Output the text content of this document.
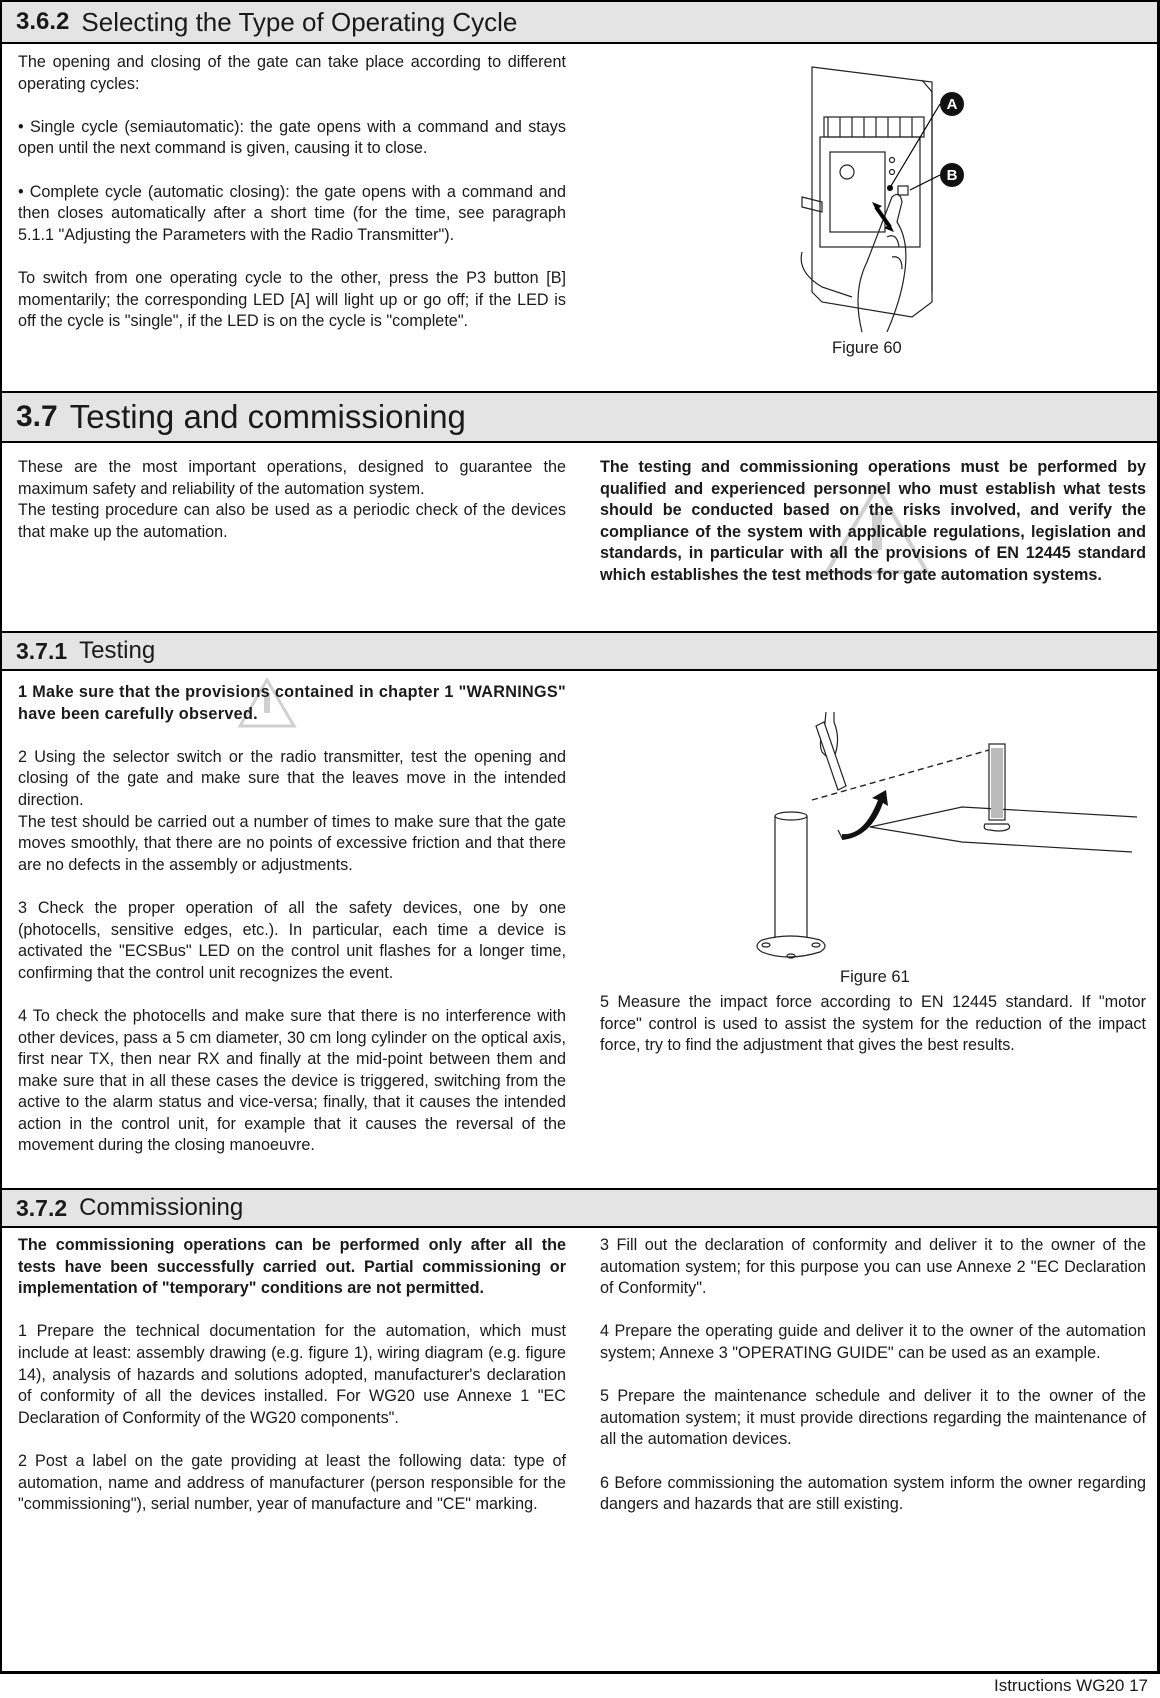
3.6.2 Selecting the Type of Operating Cycle

The opening and closing of the gate can take place according to different operating cycles:

• Single cycle (semiautomatic): the gate opens with a command and stays open until the next command is given, causing it to close.

• Complete cycle (automatic closing): the gate opens with a command and then closes automatically after a short time (for the time, see paragraph 5.1.1 "Adjusting the Parameters with the Radio Transmitter").

To switch from one operating cycle to the other, press the P3 button [B] momentarily; the corresponding LED [A] will light up or go off; if the LED is off the cycle is "single", if the LED is on the cycle is "complete".

A
B
Figure 60
3.7 Testing and commissioning

These are the most important operations, designed to guarantee the maximum safety and reliability of the automation system.

The testing procedure can also be used as a periodic check of the devices that make up the automation.

The testing and commissioning operations must be performed by qualified and experienced personnel who must establish what tests should be conducted based on the risks involved, and verify the compliance of the system with applicable regulations, legislation and standards, in particular with all the provisions of EN 12445 standard which establishes the test methods for gate automation systems.

3.7.1 Testing

1 Make sure that the provisions contained in chapter 1 "WARNINGS" have been carefully observed.

2 Using the selector switch or the radio transmitter, test the opening and closing of the gate and make sure that the leaves move in the intended direction.

The test should be carried out a number of times to make sure that the gate moves smoothly, that there are no points of excessive friction and that there are no defects in the assembly or adjustments.

3 Check the proper operation of all the safety devices, one by one (photocells, sensitive edges, etc.). In particular, each time a device is activated the "ECSBus" LED on the control unit flashes for a longer time, confirming that the control unit recognizes the event.

4 To check the photocells and make sure that there is no interference with other devices, pass a 5 cm diameter, 30 cm long cylinder on the optical axis, first near TX, then near RX and finally at the mid-point between them and make sure that in all these cases the device is triggered, switching from the active to the alarm status and vice-versa; finally, that it causes the intended action in the control unit, for example that it causes the reversal of the movement during the closing manoeuvre.

Figure 61

5 Measure the impact force according to EN 12445 standard. If "motor force" control is used to assist the system for the reduction of the impact force, try to find the adjustment that gives the best results.

3.7.2 Commissioning

The commissioning operations can be performed only after all the tests have been successfully carried out. Partial commissioning or implementation of "temporary" conditions are not permitted.

1 Prepare the technical documentation for the automation, which must include at least: assembly drawing (e.g. figure 1), wiring diagram (e.g. figure 14), analysis of hazards and solutions adopted, manufacturer's declaration of conformity of all the devices installed. For WG20 use Annexe 1 "EC Declaration of Conformity of the WG20 components".

2 Post a label on the gate providing at least the following data: type of automation, name and address of manufacturer (person responsible for the "commissioning"), serial number, year of manufacture and "CE" marking.

3 Fill out the declaration of conformity and deliver it to the owner of the automation system; for this purpose you can use Annexe 2 "EC Declaration of Conformity".

4 Prepare the operating guide and deliver it to the owner of the automation system; Annexe 3 "OPERATING GUIDE" can be used as an example.

5 Prepare the maintenance schedule and deliver it to the owner of the automation system; it must provide directions regarding the maintenance of all the automation devices.

6 Before commissioning the automation system inform the owner regarding dangers and hazards that are still existing.

Istructions WG20 17
